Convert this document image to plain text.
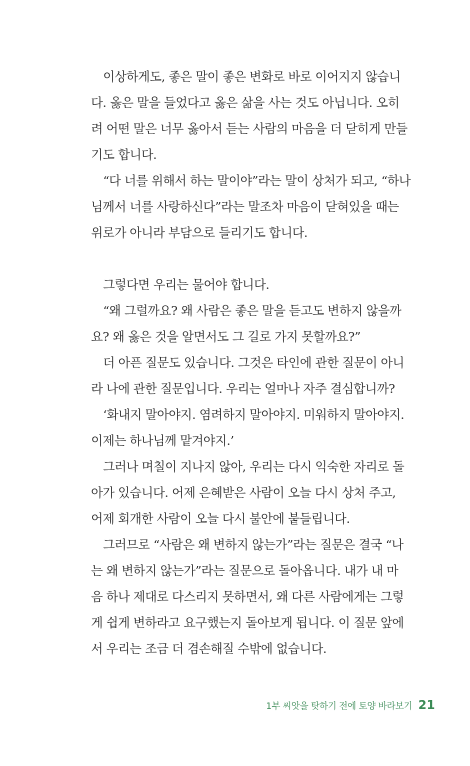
이상하게도, 좋은 말이 좋은 변화로 바로 이어지지 않습니
다. 옳은 말을 들었다고 옳은 삶을 사는 것도 아닙니다. 오히
려 어떤 말은 너무 옳아서 듣는 사람의 마음을 더 닫히게 만들
기도 합니다.

“다 너를 위해서 하는 말이야”라는 말이 상처가 되고, “하나
님께서 너를 사랑하신다”라는 말조차 마음이 닫혀있을 때는
위로가 아니라 부담으로 들리기도 합니다.

그렇다면 우리는 물어야 합니다.

“왜 그럴까요? 왜 사람은 좋은 말을 듣고도 변하지 않을까
요? 왜 옳은 것을 알면서도 그 길로 가지 못할까요?”

더 아픈 질문도 있습니다. 그것은 타인에 관한 질문이 아니
라 나에 관한 질문입니다. 우리는 얼마나 자주 결심합니까?

‘화내지 말아야지. 염려하지 말아야지. 미워하지 말아야지.
이제는 하나님께 맡겨야지.’

그러나 며칠이 지나지 않아, 우리는 다시 익숙한 자리로 돌
아가 있습니다. 어제 은혜받은 사람이 오늘 다시 상처 주고,
어제 회개한 사람이 오늘 다시 불안에 붙들립니다.

그러므로 “사람은 왜 변하지 않는가”라는 질문은 결국 “나
는 왜 변하지 않는가”라는 질문으로 돌아옵니다. 내가 내 마
음 하나 제대로 다스리지 못하면서, 왜 다른 사람에게는 그렇
게 쉽게 변하라고 요구했는지 돌아보게 됩니다. 이 질문 앞에
서 우리는 조금 더 겸손해질 수밖에 없습니다.

1부 씨앗을 탓하기 전에 토양 바라보기 21
